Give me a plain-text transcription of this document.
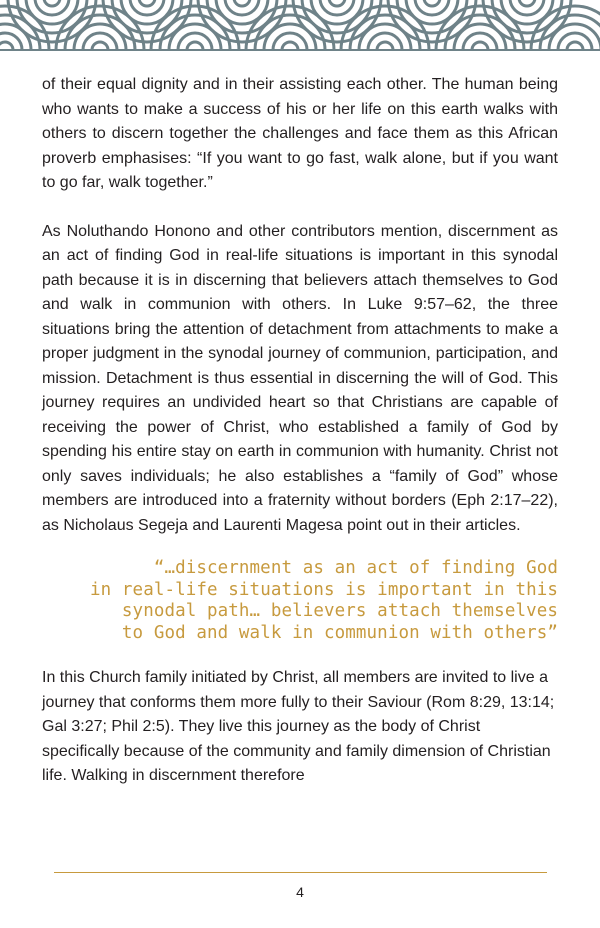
of their equal dignity and in their assisting each other. The human being who wants to make a success of his or her life on this earth walks with others to discern together the challenges and face them as this African proverb emphasises: “If you want to go fast, walk alone, but if you want to go far, walk together.”

As Noluthando Honono and other contributors mention, discernment as an act of finding God in real-life situations is important in this synodal path because it is in discerning that believers attach themselves to God and walk in communion with others. In Luke 9:57–62, the three situations bring the attention of detachment from attachments to make a proper judgment in the synodal journey of communion, participation, and mission. Detachment is thus essential in discerning the will of God. This journey requires an undivided heart so that Christians are capable of receiving the power of Christ, who established a family of God by spending his entire stay on earth in communion with humanity. Christ not only saves individuals; he also establishes a “family of God” whose members are introduced into a fraternity without borders (Eph 2:17–22), as Nicholaus Segeja and Laurenti Magesa point out in their articles.

“…discernment as an act of finding God
in real-life situations is important in this
synodal path… believers attach themselves
to God and walk in communion with others”

In this Church family initiated by Christ, all members are invited to live a journey that conforms them more fully to their Saviour (Rom 8:29, 13:14; Gal 3:27; Phil 2:5). They live this journey as the body of Christ specifically because of the community and family dimension of Christian life. Walking in discernment therefore

4
